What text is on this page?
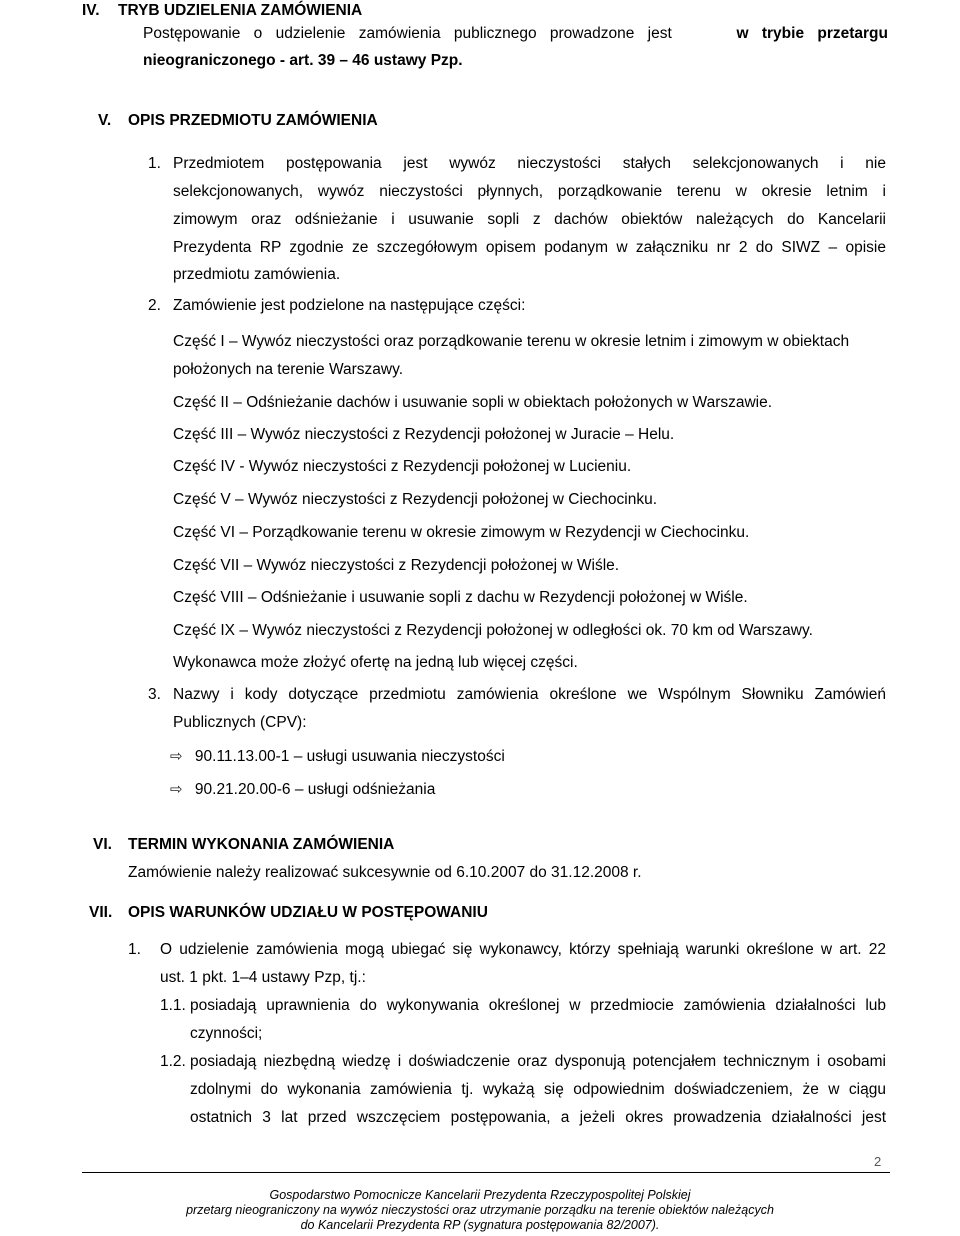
IV. TRYB UDZIELENIA ZAMÓWIENIA
Postępowanie o udzielenie zamówienia publicznego prowadzone jest	w trybie przetargu
nieograniczonego - art. 39 – 46 ustawy Pzp.
V. OPIS PRZEDMIOTU ZAMÓWIENIA
1. Przedmiotem postępowania jest wywóz nieczystości stałych selekcjonowanych i nie
selekcjonowanych, wywóz nieczystości płynnych, porządkowanie terenu w okresie letnim i
zimowym oraz odśnieżanie i usuwanie sopli z dachów obiektów należących do Kancelarii
Prezydenta RP zgodnie ze szczegółowym opisem podanym w załączniku nr 2 do SIWZ – opisie
przedmiotu zamówienia.
2. Zamówienie jest podzielone na następujące części:
Część I – Wywóz nieczystości oraz porządkowanie terenu w okresie letnim i zimowym w obiektach
położonych na terenie Warszawy.
Część II – Odśnieżanie dachów i usuwanie sopli w obiektach położonych w Warszawie.
Część III – Wywóz nieczystości z Rezydencji położonej w Juracie – Helu.
Część IV - Wywóz nieczystości z Rezydencji położonej w Lucieniu.
Część V – Wywóz nieczystości z Rezydencji położonej w Ciechocinku.
Część VI – Porządkowanie terenu w okresie zimowym w Rezydencji w Ciechocinku.
Część VII – Wywóz nieczystości z Rezydencji położonej w Wiśle.
Część VIII – Odśnieżanie i usuwanie sopli z dachu w Rezydencji położonej w Wiśle.
Część IX – Wywóz nieczystości z Rezydencji położonej w odległości ok. 70 km od Warszawy.
Wykonawca może złożyć ofertę na jedną lub więcej części.
3. Nazwy i kody dotyczące przedmiotu zamówienia określone we Wspólnym Słowniku Zamówień
Publicznych (CPV):
⇨ 90.11.13.00-1 – usługi usuwania nieczystości
⇨ 90.21.20.00-6 – usługi odśnieżania
VI. TERMIN WYKONANIA ZAMÓWIENIA
Zamówienie należy realizować sukcesywnie od 6.10.2007 do 31.12.2008 r.
VII. OPIS WARUNKÓW UDZIAŁU W POSTĘPOWANIU
1. O udzielenie zamówienia mogą ubiegać się wykonawcy, którzy spełniają warunki określone w art. 22
ust. 1 pkt. 1–4 ustawy Pzp, tj.:
1.1. posiadają uprawnienia do wykonywania określonej w przedmiocie zamówienia działalności lub
czynności;
1.2. posiadają niezbędną wiedzę i doświadczenie oraz dysponują potencjałem technicznym i osobami
zdolnymi do wykonania zamówienia tj. wykażą się odpowiednim doświadczeniem, że w ciągu
ostatnich 3 lat przed wszczęciem postępowania, a jeżeli okres prowadzenia działalności jest
2
Gospodarstwo Pomocnicze Kancelarii Prezydenta Rzeczypospolitej Polskiej
przetarg nieograniczony na wywóz nieczystości oraz utrzymanie porządku na terenie obiektów należących
do Kancelarii Prezydenta RP (sygnatura postępowania 82/2007).
